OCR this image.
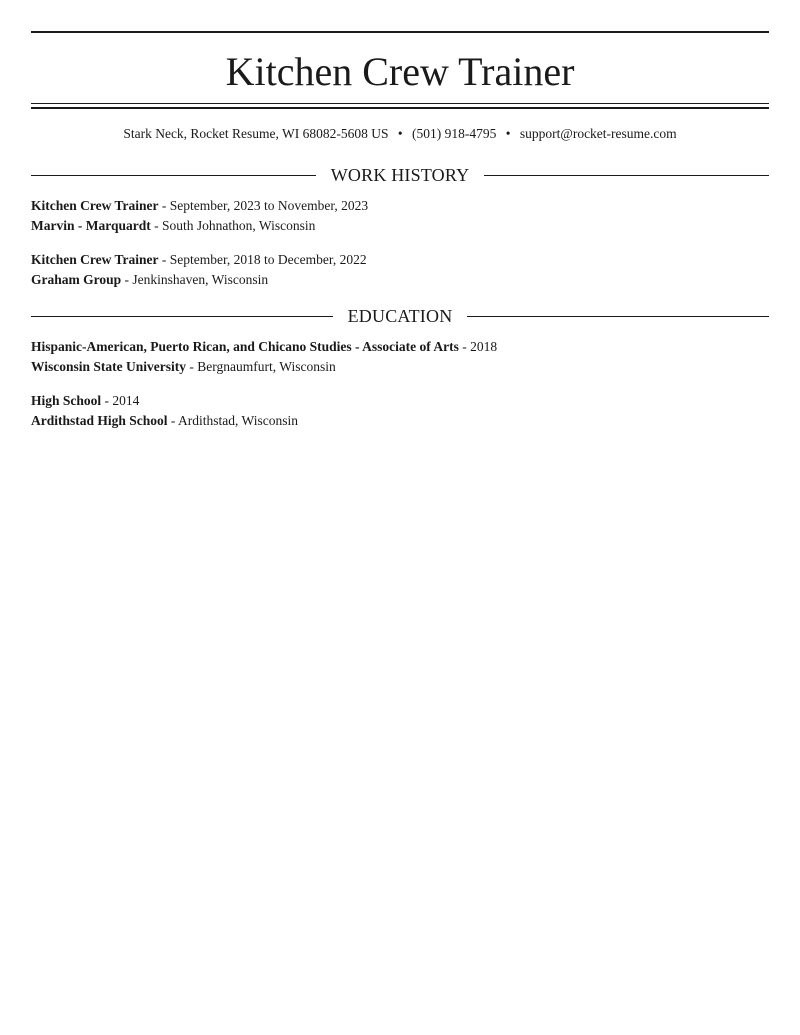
Kitchen Crew Trainer
Stark Neck, Rocket Resume, WI 68082-5608 US • (501) 918-4795 • support@rocket-resume.com
WORK HISTORY
Kitchen Crew Trainer - September, 2023 to November, 2023
Marvin - Marquardt - South Johnathon, Wisconsin
Kitchen Crew Trainer - September, 2018 to December, 2022
Graham Group - Jenkinshaven, Wisconsin
EDUCATION
Hispanic-American, Puerto Rican, and Chicano Studies - Associate of Arts - 2018
Wisconsin State University - Bergnaumfurt, Wisconsin
High School - 2014
Ardithstad High School - Ardithstad, Wisconsin
